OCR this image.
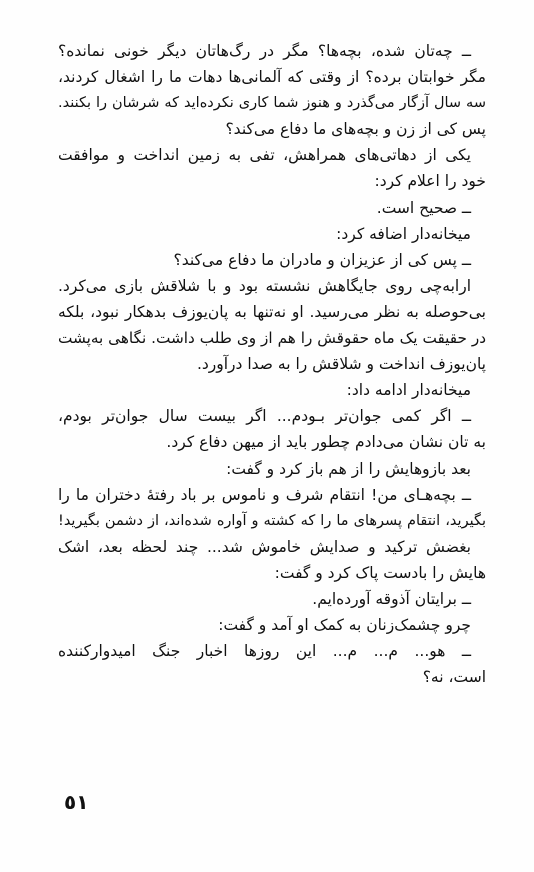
ــ چه‌تان شده، بچه‌ها؟ مگر در رگ‌هاتان دیگر خونی نمانده؟
مگر خوابتان برده؟ از وقتی که آلمانی‌ها دهات ما را اشغال کردند،
سه سال آزگار می‌گذرد و هنوز شما کاری نکرده‌اید که شرشان را بکنند.
پس کی از زن و بچه‌های ما دفاع می‌کند؟
یکی از دهاتی‌های همراهش، تفی به زمین انداخت و موافقت
خود را اعلام کرد:
ــ صحیح است.
میخانه‌دار اضافه کرد:
ــ پس کی از عزیزان و مادران ما دفاع می‌کند؟
ارابه‌چی روی جایگاهش نشسته بود و با شلاقش بازی می‌کرد.
بی‌حوصله به نظر می‌رسید. او نه‌تنها به پان‌یوزف بدهکار نبود، بلکه
در حقیقت یک ماه حقوقش را هم از وی طلب داشت. نگاهی به‌پشت
پان‌یوزف انداخت و شلاقش را به صدا درآورد.
میخانه‌دار ادامه داد:
ــ اگر کمی جوان‌تر بـودم... اگر بیست سال جوان‌تر بودم،
به تان نشان می‌دادم چطور باید از میهن دفاع کرد.
بعد بازوهایش را از هم باز کرد و گفت:
ــ بچه‌هـای من! انتقام شرف و ناموس بر باد رفتهٔ دختران ما را
بگیرید، انتقام پسرهای ما را که کشته و آواره شده‌اند، از دشمن بگیرید!
بغضش ترکید و صدایش خاموش شد... چند لحظه بعد، اشک
هایش را بادست پاک کرد و گفت:
ــ برایتان آذوقه آورده‌ایم.
چرو چشمک‌زنان به کمک او آمد و گفت:
ــ هو... م... م... این روزها اخبار جنگ امیدوارکننده
است، نه؟
٥١
